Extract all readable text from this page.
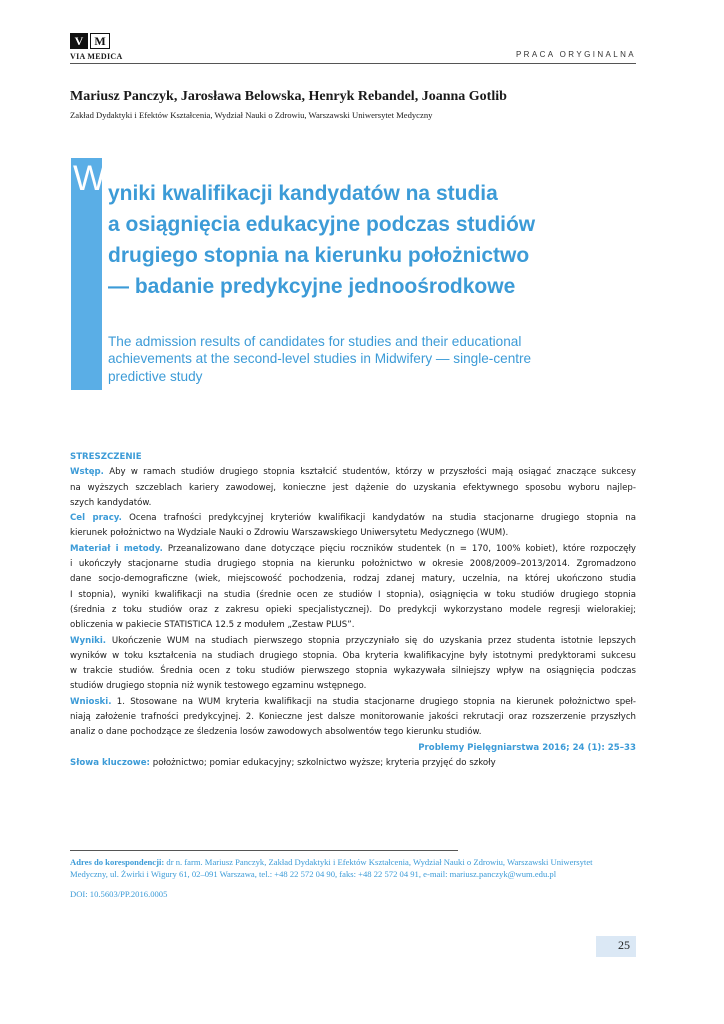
V M
VIA MEDICA	PRACA ORYGINALNA
Mariusz Panczyk, Jarosława Belowska, Henryk Rebandel, Joanna Gotlib
Zakład Dydaktyki i Efektów Kształcenia, Wydział Nauki o Zdrowiu, Warszawski Uniwersytet Medyczny
W yniki kwalifikacji kandydatów na studia
a osiągnięcia edukacyjne podczas studiów
drugiego stopnia na kierunku położnictwo
— badanie predykcyjne jednoośrodkowe
The admission results of candidates for studies and their educational
achievements at the second-level studies in Midwifery — single-centre
predictive study
STRESZCZENIE
Wstęp. Aby w ramach studiów drugiego stopnia kształcić studentów, którzy w przyszłości mają osiągać znaczące sukcesy
na wyższych szczeblach kariery zawodowej, konieczne jest dążenie do uzyskania efektywnego sposobu wyboru najlep-
szych kandydatów.
Cel pracy. Ocena trafności predykcyjnej kryteriów kwalifikacji kandydatów na studia stacjonarne drugiego stopnia na
kierunek położnictwo na Wydziale Nauki o Zdrowiu Warszawskiego Uniwersytetu Medycznego (WUM).
Materiał i metody. Przeanalizowano dane dotyczące pięciu roczników studentek (n = 170, 100% kobiet), które rozpoczęły
i ukończyły stacjonarne studia drugiego stopnia na kierunku położnictwo w okresie 2008/2009–2013/2014. Zgromadzono
dane socjo-demograficzne (wiek, miejscowość pochodzenia, rodzaj zdanej matury, uczelnia, na której ukończono studia
I stopnia), wyniki kwalifikacji na studia (średnie ocen ze studiów I stopnia), osiągnięcia w toku studiów drugiego stopnia
(średnia z toku studiów oraz z zakresu opieki specjalistycznej). Do predykcji wykorzystano modele regresji wielorakiej;
obliczenia w pakiecie STATISTICA 12.5 z modułem „Zestaw PLUS”.
Wyniki. Ukończenie WUM na studiach pierwszego stopnia przyczyniało się do uzyskania przez studenta istotnie lepszych
wyników w toku kształcenia na studiach drugiego stopnia. Oba kryteria kwalifikacyjne były istotnymi predyktorami sukcesu
w trakcie studiów. Średnia ocen z toku studiów pierwszego stopnia wykazywała silniejszy wpływ na osiągnięcia podczas
studiów drugiego stopnia niż wynik testowego egzaminu wstępnego.
Wnioski. 1. Stosowane na WUM kryteria kwalifikacji na studia stacjonarne drugiego stopnia na kierunek położnictwo speł-
niają założenie trafności predykcyjnej. 2. Konieczne jest dalsze monitorowanie jakości rekrutacji oraz rozszerzenie przyszłych
analiz o dane pochodzące ze śledzenia losów zawodowych absolwentów tego kierunku studiów.
Problemy Pielęgniarstwa 2016; 24 (1): 25–33
Słowa kluczowe: położnictwo; pomiar edukacyjny; szkolnictwo wyższe; kryteria przyjęć do szkoły
Adres do korespondencji: dr n. farm. Mariusz Panczyk, Zakład Dydaktyki i Efektów Kształcenia, Wydział Nauki o Zdrowiu, Warszawski Uniwersytet
Medyczny, ul. Żwirki i Wigury 61, 02–091 Warszawa, tel.: +48 22 572 04 90, faks: +48 22 572 04 91, e-mail: mariusz.panczyk@wum.edu.pl
DOI: 10.5603/PP.2016.0005
25
